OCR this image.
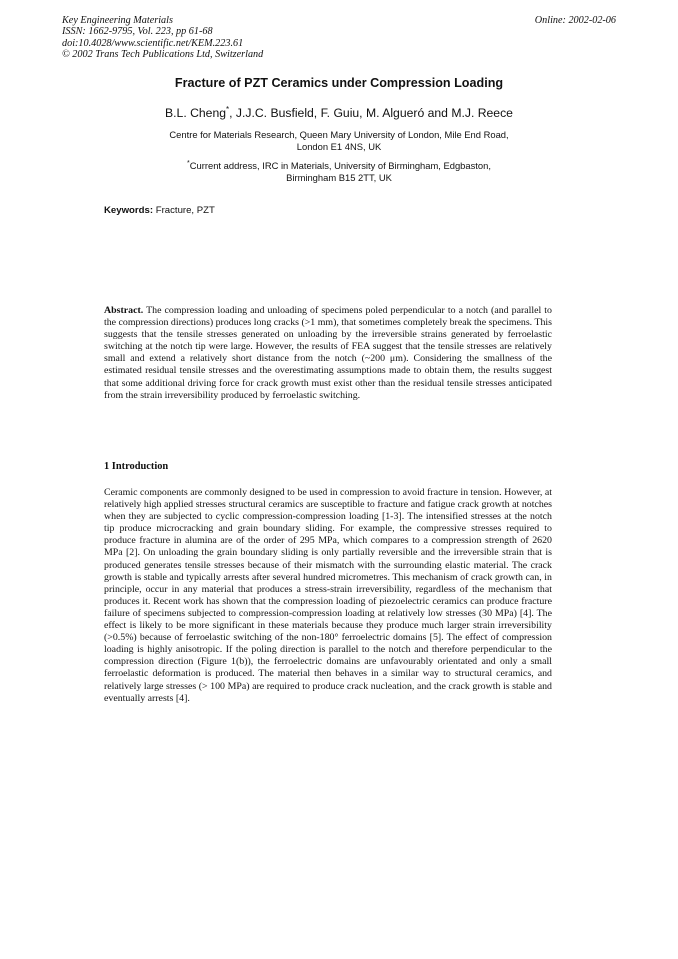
Key Engineering Materials
ISSN: 1662-9795, Vol. 223, pp 61-68
doi:10.4028/www.scientific.net/KEM.223.61
© 2002 Trans Tech Publications Ltd, Switzerland
Online: 2002-02-06
Fracture of PZT Ceramics under Compression Loading
B.L. Cheng*, J.J.C. Busfield, F. Guiu, M. Algueró and M.J. Reece
Centre for Materials Research, Queen Mary University of London, Mile End Road,
London E1 4NS, UK
*Current address, IRC in Materials, University of Birmingham, Edgbaston,
Birmingham B15 2TT, UK
Keywords: Fracture, PZT
Abstract. The compression loading and unloading of specimens poled perpendicular to a notch (and parallel to the compression directions) produces long cracks (>1 mm), that sometimes completely break the specimens. This suggests that the tensile stresses generated on unloading by the irreversible strains generated by ferroelastic switching at the notch tip were large. However, the results of FEA suggest that the tensile stresses are relatively small and extend a relatively short distance from the notch (~200 μm). Considering the smallness of the estimated residual tensile stresses and the overestimating assumptions made to obtain them, the results suggest that some additional driving force for crack growth must exist other than the residual tensile stresses anticipated from the strain irreversibility produced by ferroelastic switching.
1 Introduction
Ceramic components are commonly designed to be used in compression to avoid fracture in tension. However, at relatively high applied stresses structural ceramics are susceptible to fracture and fatigue crack growth at notches when they are subjected to cyclic compression-compression loading [1-3]. The intensified stresses at the notch tip produce microcracking and grain boundary sliding. For example, the compressive stresses required to produce fracture in alumina are of the order of 295 MPa, which compares to a compression strength of 2620 MPa [2]. On unloading the grain boundary sliding is only partially reversible and the irreversible strain that is produced generates tensile stresses because of their mismatch with the surrounding elastic material. The crack growth is stable and typically arrests after several hundred micrometres. This mechanism of crack growth can, in principle, occur in any material that produces a stress-strain irreversibility, regardless of the mechanism that produces it. Recent work has shown that the compression loading of piezoelectric ceramics can produce fracture failure of specimens subjected to compression-compression loading at relatively low stresses (30 MPa) [4]. The effect is likely to be more significant in these materials because they produce much larger strain irreversibility (>0.5%) because of ferroelastic switching of the non-180° ferroelectric domains [5]. The effect of compression loading is highly anisotropic. If the poling direction is parallel to the notch and therefore perpendicular to the compression direction (Figure 1(b)), the ferroelectric domains are unfavourably orientated and only a small ferroelastic deformation is produced. The material then behaves in a similar way to structural ceramics, and relatively large stresses (> 100 MPa) are required to produce crack nucleation, and the crack growth is stable and eventually arrests [4].
